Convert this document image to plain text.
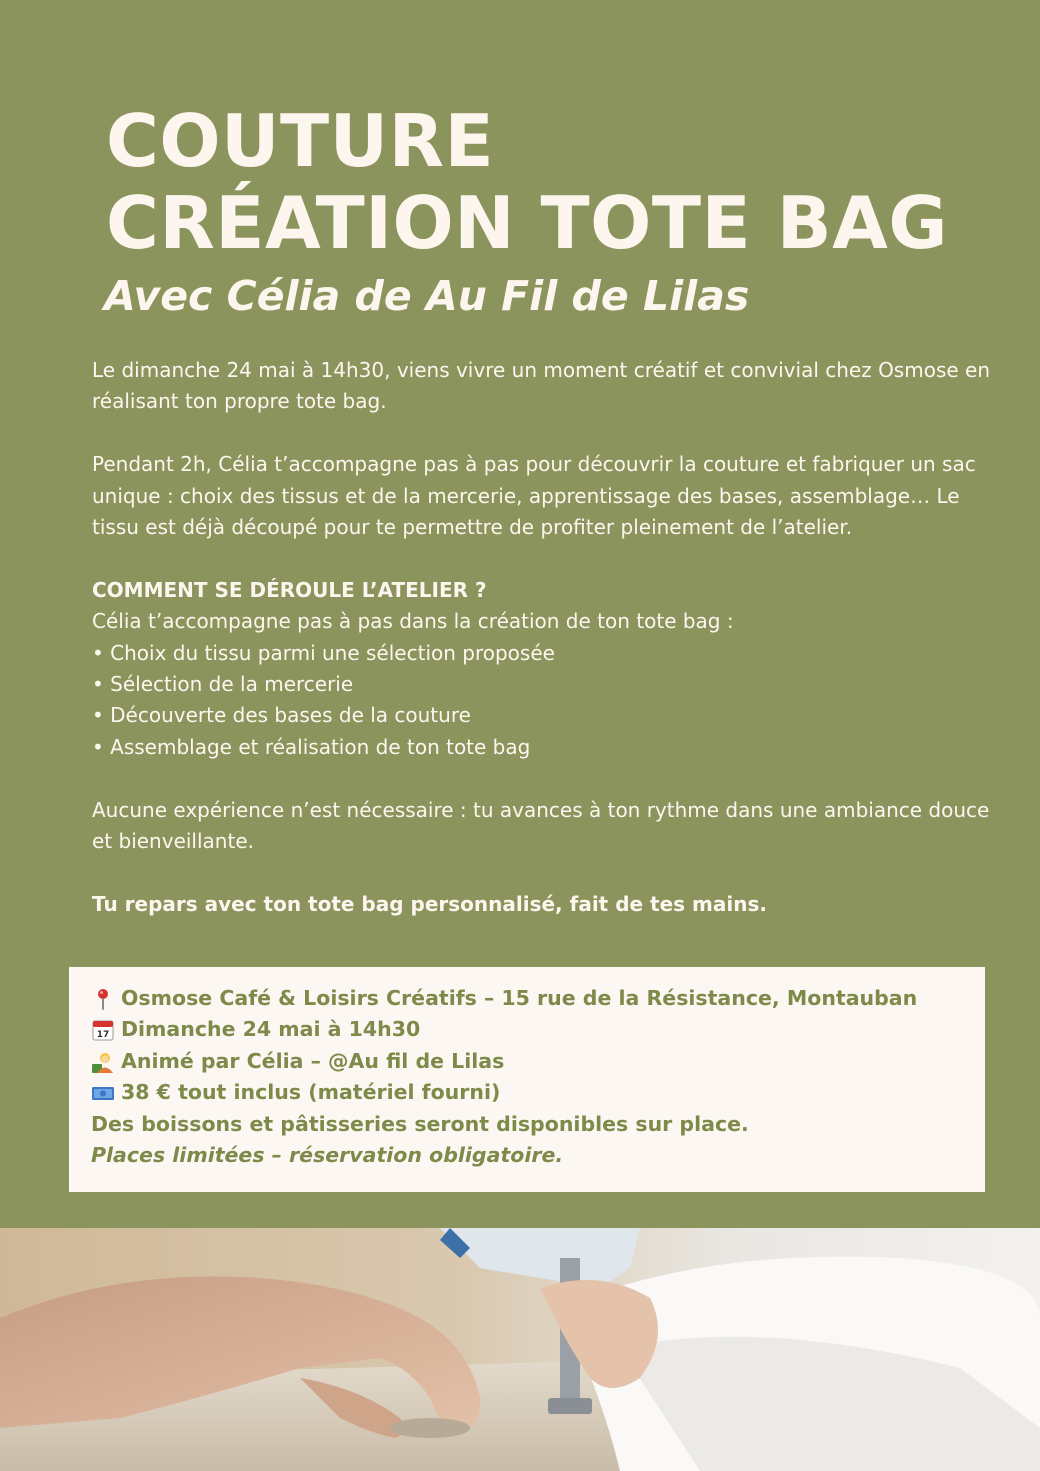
COUTURE
CRÉATION TOTE BAG
Avec Célia de Au Fil de Lilas

Le dimanche 24 mai à 14h30, viens vivre un moment créatif et convivial chez Osmose en réalisant ton propre tote bag.

Pendant 2h, Célia t’accompagne pas à pas pour découvrir la couture et fabriquer un sac unique : choix des tissus et de la mercerie, apprentissage des bases, assemblage… Le tissu est déjà découpé pour te permettre de profiter pleinement de l’atelier.

COMMENT SE DÉROULE L’ATELIER ?

Célia t’accompagne pas à pas dans la création de ton tote bag :

• Choix du tissu parmi une sélection proposée
• Sélection de la mercerie
• Découverte des bases de la couture
• Assemblage et réalisation de ton tote bag

Aucune expérience n’est nécessaire : tu avances à ton rythme dans une ambiance douce et bienveillante.

Tu repars avec ton tote bag personnalisé, fait de tes mains.

Osmose Café & Loisirs Créatifs – 15 rue de la Résistance, Montauban
17 Dimanche 24 mai à 14h30
Animé par Célia – @Au fil de Lilas
38 € tout inclus (matériel fourni)
Des boissons et pâtisseries seront disponibles sur place.
Places limitées – réservation obligatoire.
